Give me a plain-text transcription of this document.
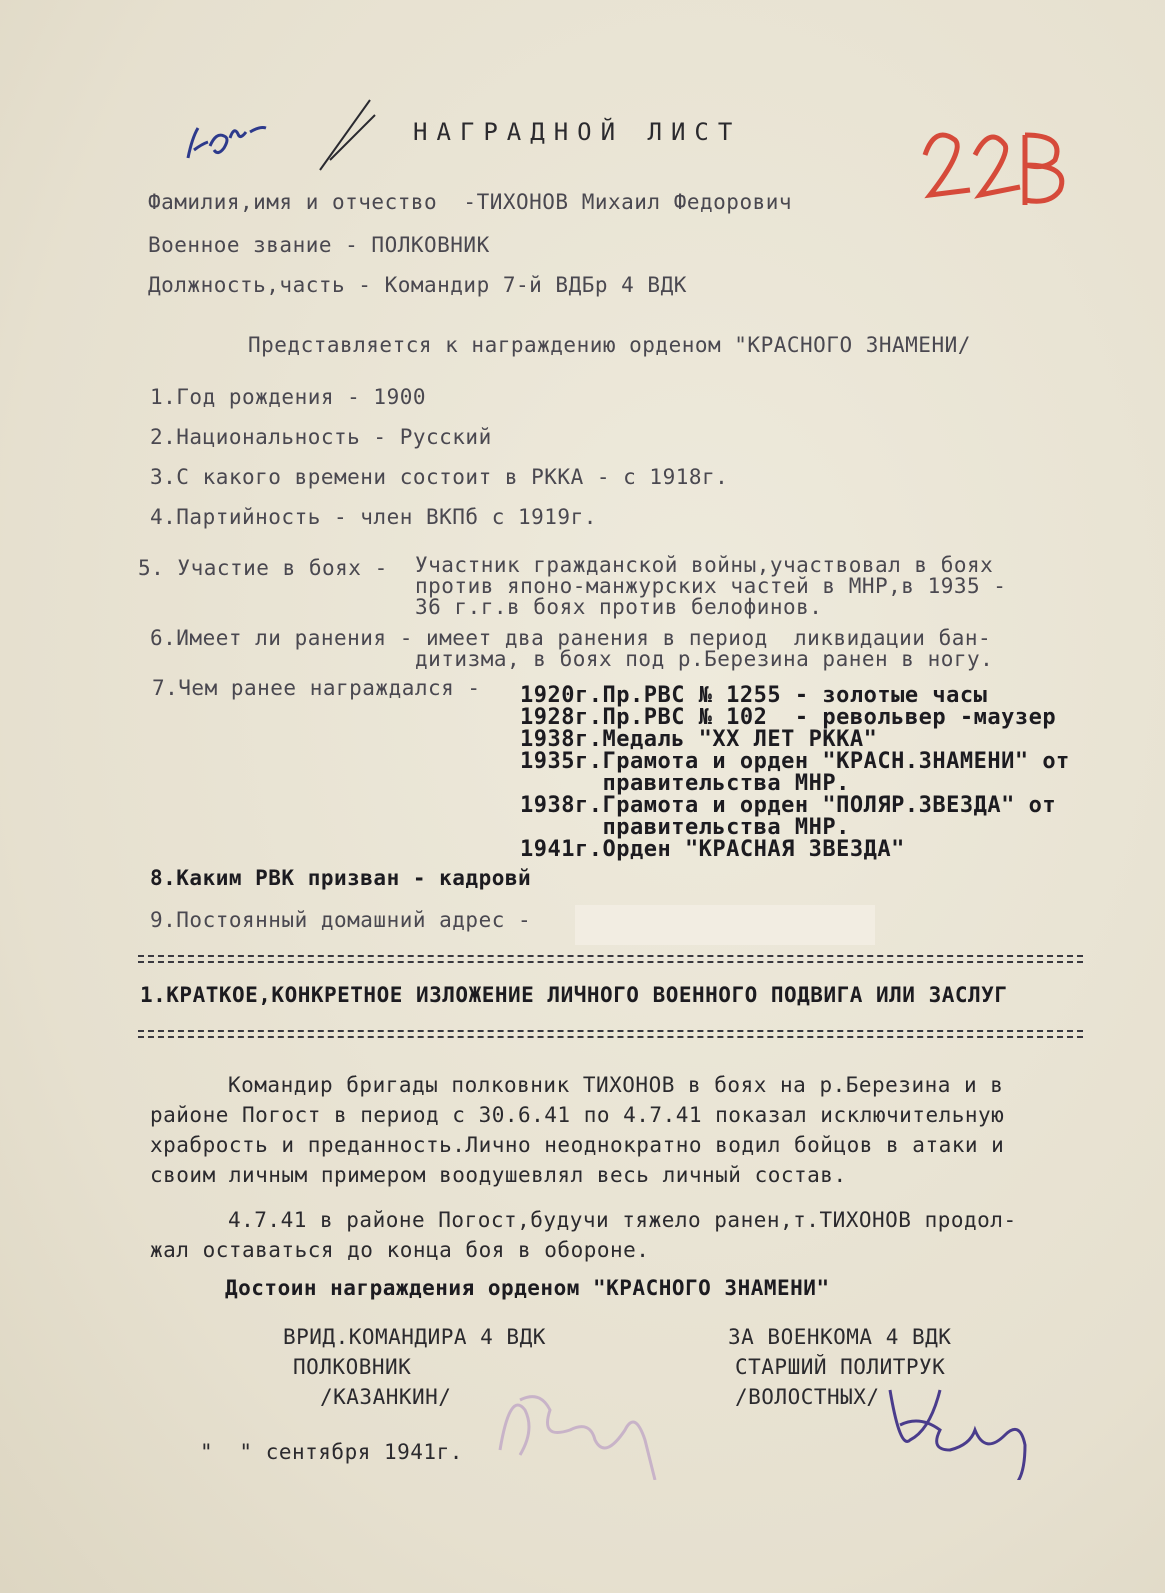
НАГРАДНОЙ ЛИСТ
Фамилия,имя и отчество  -ТИХОНОВ Михаил Федорович
Военное звание - ПОЛКОВНИК
Должность,часть - Командир 7-й ВДБр 4 ВДК
Представляется к награждению орденом "КРАСНОГО ЗНАМЕНИ/
1.Год рождения - 1900
2.Национальность - Русский
3.С какого времени состоит в РККА - с 1918г.
4.Партийность - член ВКПб с 1919г.
5. Участие в боях - Участник гражданской войны,участвовал в боях
против японо-манжурских частей в МНР,в 1935 -
36 г.г.в боях против белофинов.
6.Имеет ли ранения - имеет два ранения в период  ликвидации бан-
дитизма, в боях под р.Березина ранен в ногу.
7.Чем ранее награждался - 1920г.Пр.РВС № 1255 - золотые часы
1928г.Пр.РВС № 102  - револьвер -маузер
1938г.Медаль "XX ЛЕТ РККА"
1935г.Грамота и орден "КРАСН.ЗНАМЕНИ" от
правительства МНР.
1938г.Грамота и орден "ПОЛЯР.ЗВЕЗДА" от
правительства МНР.
1941г.Орден "КРАСНАЯ ЗВЕЗДА"
8.Каким РВК призван - кадровй
9.Постоянный домашний адрес -
1.КРАТКОЕ,КОНКРЕТНОЕ ИЗЛОЖЕНИЕ ЛИЧНОГО ВОЕННОГО ПОДВИГА ИЛИ ЗАСЛУГ
Командир бригады полковник ТИХОНОВ в боях на р.Березина и в
районе Погост в период с 30.6.41 по 4.7.41 показал исключительную
храбрость и преданность.Лично неоднократно водил бойцов в атаки и
своим личным примером воодушевлял весь личный состав.
4.7.41 в районе Погост,будучи тяжело ранен,т.ТИХОНОВ продол-
жал оставаться до конца боя в обороне.
Достоин награждения орденом "КРАСНОГО ЗНАМЕНИ"
ВРИД.КОМАНДИРА 4 ВДК
ПОЛКОВНИК
/КАЗАНКИН/
ЗА ВОЕНКОМА 4 ВДК
СТАРШИЙ ПОЛИТРУК
/ВОЛОСТНЫХ/
"  " сентября 1941г.
